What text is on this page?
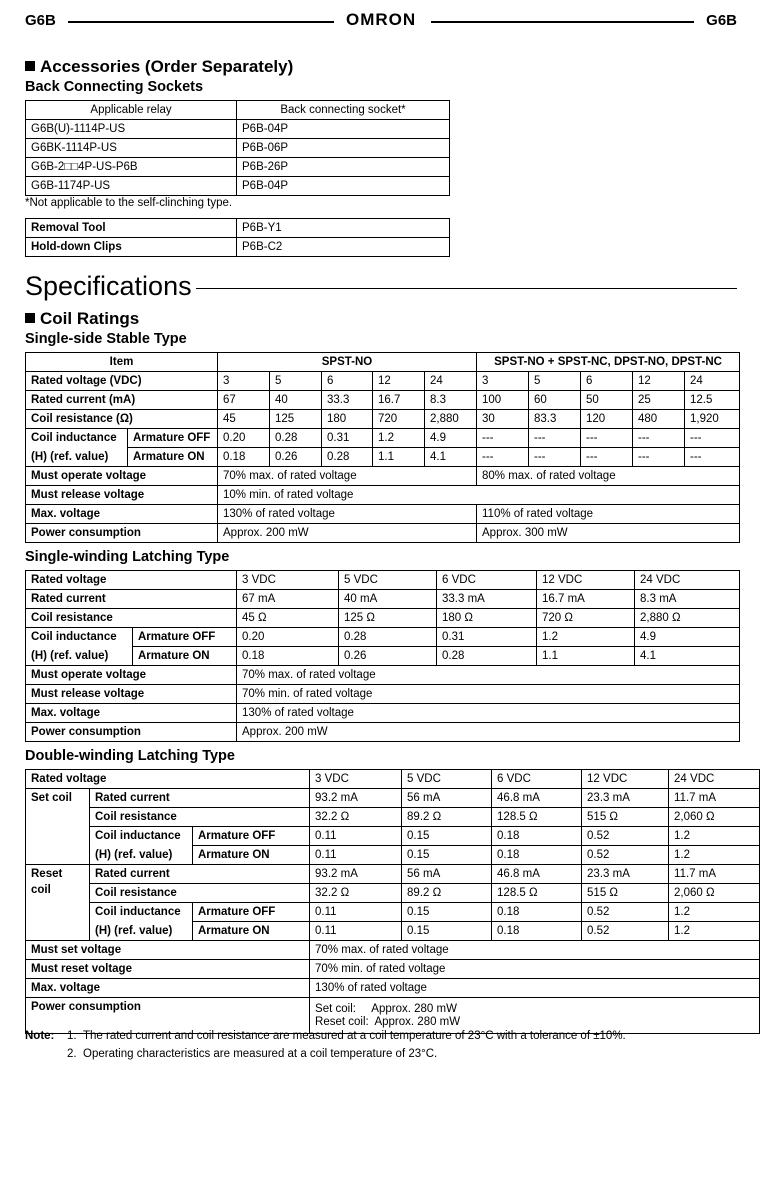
G6B	OMRON	G6B
Accessories (Order Separately)
Back Connecting Sockets
Applicable relay	Back connecting socket*
G6B(U)-1114P-US	P6B-04P
G6BK-1114P-US	P6B-06P
G6B-2□□4P-US-P6B	P6B-26P
G6B-1174P-US	P6B-04P
*Not applicable to the self-clinching type.
Removal Tool	P6B-Y1
Hold-down Clips	P6B-C2
Specifications
Coil Ratings
Single-side Stable Type
Item		SPST-NO					SPST-NO + SPST-NC, DPST-NO, DPST-NC				
Rated voltage (VDC)		3	5	6	12	24	3	5	6	12	24
Rated current (mA)		67	40	33.3	16.7	8.3	100	60	50	25	12.5
Coil resistance (Ω)		45	125	180	720	2,880	30	83.3	120	480	1,920
Coil inductance	Armature OFF	0.20	0.28	0.31	1.2	4.9	---	---	---	---	---
(H) (ref. value)	Armature ON	0.18	0.26	0.28	1.1	4.1	---	---	---	---	---
Must operate voltage		70% max. of rated voltage					80% max. of rated voltage				
Must release voltage		10% min. of rated voltage									
Max. voltage		130% of rated voltage					110% of rated voltage				
Power consumption		Approx. 200 mW					Approx. 300 mW				
Single-winding Latching Type
Rated voltage		3 VDC	5 VDC	6 VDC	12 VDC	24 VDC
Rated current		67 mA	40 mA	33.3 mA	16.7 mA	8.3 mA
Coil resistance		45 Ω	125 Ω	180 Ω	720 Ω	2,880 Ω
Coil inductance	Armature OFF	0.20	0.28	0.31	1.2	4.9
(H) (ref. value)	Armature ON	0.18	0.26	0.28	1.1	4.1
Must operate voltage		70% max. of rated voltage				
Must release voltage		70% min. of rated voltage				
Max. voltage		130% of rated voltage				
Power consumption		Approx. 200 mW				
Double-winding Latching Type
Rated voltage			3 VDC	5 VDC	6 VDC	12 VDC	24 VDC
Set coil	Rated current		93.2 mA	56 mA	46.8 mA	23.3 mA	11.7 mA
	Coil resistance		32.2 Ω	89.2 Ω	128.5 Ω	515 Ω	2,060 Ω
	Coil inductance	Armature OFF	0.11	0.15	0.18	0.52	1.2
	(H) (ref. value)	Armature ON	0.11	0.15	0.18	0.52	1.2
Reset coil	Rated current		93.2 mA	56 mA	46.8 mA	23.3 mA	11.7 mA
	Coil resistance		32.2 Ω	89.2 Ω	128.5 Ω	515 Ω	2,060 Ω
	Coil inductance	Armature OFF	0.11	0.15	0.18	0.52	1.2
	(H) (ref. value)	Armature ON	0.11	0.15	0.18	0.52	1.2
Must set voltage			70% max. of rated voltage				
Must reset voltage			70% min. of rated voltage				
Max. voltage			130% of rated voltage				
Power consumption			Set coil:     Approx. 280 mW
Reset coil:  Approx. 280 mW				
Note: 1. The rated current and coil resistance are measured at a coil temperature of 23°C with a tolerance of ±10%.
2. Operating characteristics are measured at a coil temperature of 23°C.
